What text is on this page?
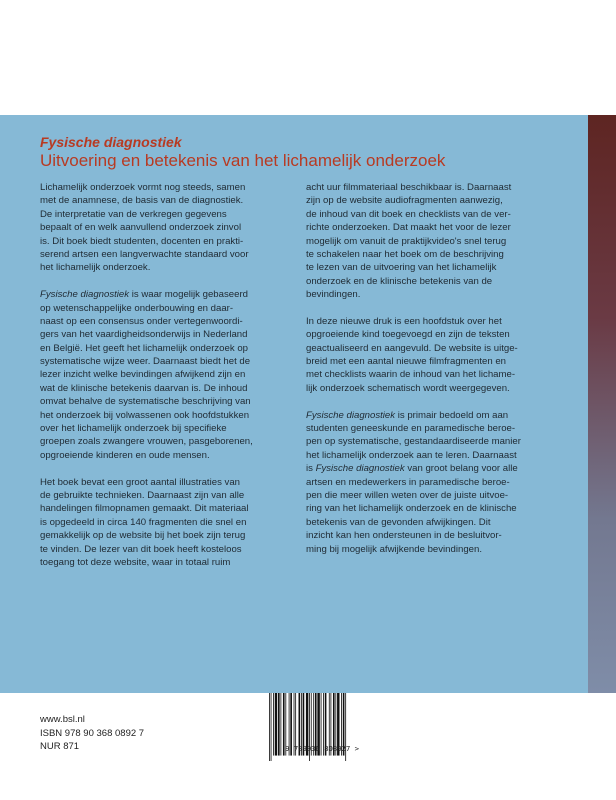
Fysische diagnostiek
Uitvoering en betekenis van het lichamelijk onderzoek
Lichamelijk onderzoek vormt nog steeds, samen
met de anamnese, de basis van de diagnostiek.
De interpretatie van de verkregen gegevens
bepaalt of en welk aanvullend onderzoek zinvol
is. Dit boek biedt studenten, docenten en prakti-
serend artsen een langverwachte standaard voor
het lichamelijk onderzoek.
Fysische diagnostiek is waar mogelijk gebaseerd
op wetenschappelijke onderbouwing en daar-
naast op een consensus onder vertegenwoordi-
gers van het vaardigheidsonderwijs in Nederland
en België. Het geeft het lichamelijk onderzoek op
systematische wijze weer. Daarnaast biedt het de
lezer inzicht welke bevindingen afwijkend zijn en
wat de klinische betekenis daarvan is. De inhoud
omvat behalve de systematische beschrijving van
het onderzoek bij volwassenen ook hoofdstukken
over het lichamelijk onderzoek bij specifieke
groepen zoals zwangere vrouwen, pasgeborenen,
opgroeiende kinderen en oude mensen.
Het boek bevat een groot aantal illustraties van
de gebruikte technieken. Daarnaast zijn van alle
handelingen filmopnamen gemaakt. Dit materiaal
is opgedeeld in circa 140 fragmenten die snel en
gemakkelijk op de website bij het boek zijn terug
te vinden. De lezer van dit boek heeft kosteloos
toegang tot deze website, waar in totaal ruim
acht uur filmmateriaal beschikbaar is. Daarnaast
zijn op de website audiofragmenten aanwezig,
de inhoud van dit boek en checklists van de ver-
richte onderzoeken. Dat maakt het voor de lezer
mogelijk om vanuit de praktijkvideo's snel terug
te schakelen naar het boek om de beschrijving
te lezen van de uitvoering van het lichamelijk
onderzoek en de klinische betekenis van de
bevindingen.
In deze nieuwe druk is een hoofdstuk over het
opgroeiende kind toegevoegd en zijn de teksten
geactualiseerd en aangevuld. De website is uitge-
breid met een aantal nieuwe filmfragmenten en
met checklists waarin de inhoud van het lichame-
lijk onderzoek schematisch wordt weergegeven.
Fysische diagnostiek is primair bedoeld om aan
studenten geneeskunde en paramedische beroe-
pen op systematische, gestandaardiseerde manier
het lichamelijk onderzoek aan te leren. Daarnaast
is Fysische diagnostiek van groot belang voor alle
artsen en medewerkers in paramedische beroe-
pen die meer willen weten over de juiste uitvoe-
ring van het lichamelijk onderzoek en de klinische
betekenis van de gevonden afwijkingen. Dit
inzicht kan hen ondersteunen in de besluitvor-
ming bij mogelijk afwijkende bevindingen.
www.bsl.nl
ISBN 978 90 368 0892 7
NUR 871	9 789036 808927 >
